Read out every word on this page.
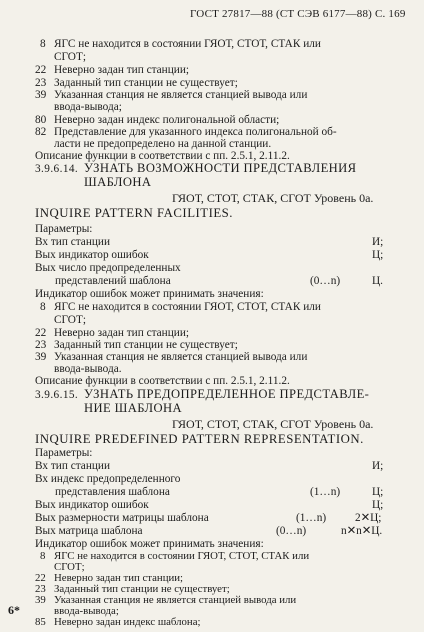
ГОСТ 27817—88 (СТ СЭВ 6177—88) С. 169
8 ЯГС не находится в состоянии ГЯОТ, СТОТ, СТАК или
СГОТ;
22 Неверно задан тип станции;
23 Заданный тип станции не существует;
39 Указанная станция не является станцией вывода или
ввода-вывода;
80 Неверно задан индекс полигональной области;
82 Представление для указанного индекса полигональной об-
ласти не предопределено на данной станции.
Описание функции в соответствии с пп. 2.5.1, 2.11.2.
3.9.6.14. УЗНАТЬ ВОЗМОЖНОСТИ ПРЕДСТАВЛЕНИЯ
ШАБЛОНА
ГЯОТ, СТОТ, СТАК, СГОТ Уровень 0а.
INQUIRE PATTERN FACILITIES.
Параметры:
Вх тип станции	И;
Вых индикатор ошибок	Ц;
Вых число предопределенных
представлений шаблона	(0…n)	Ц.
Индикатор ошибок может принимать значения:
8 ЯГС не находится в состоянии ГЯОТ, СТОТ, СТАК или
СГОТ;
22 Неверно задан тип станции;
23 Заданный тип станции не существует;
39 Указанная станция не является станцией вывода или
ввода-вывода.
Описание функции в соответствии с пп. 2.5.1, 2.11.2.
3.9.6.15. УЗНАТЬ ПРЕДОПРЕДЕЛЕННОЕ ПРЕДСТАВЛЕ-
НИЕ ШАБЛОНА
ГЯОТ, СТОТ, СТАК, СГОТ Уровень 0а.
INQUIRE PREDEFINED PATTERN REPRESENTATION.
Параметры:
Вх тип станции	И;
Вх индекс предопределенного
представления шаблона	(1…n)	Ц;
Вых индикатор ошибок	Ц;
Вых размерности матрицы шаблона	(1…n)	2✕Ц;
Вых матрица шаблона	(0…n)	n✕n✕Ц.
Индикатор ошибок может принимать значения:
8 ЯГС не находится в состоянии ГЯОТ, СТОТ, СТАК или
СГОТ;
22 Неверно задан тип станции;
23 Заданный тип станции не существует;
39 Указанная станция не является станцией вывода или
ввода-вывода;
85 Неверно задан индекс шаблона;
6*
